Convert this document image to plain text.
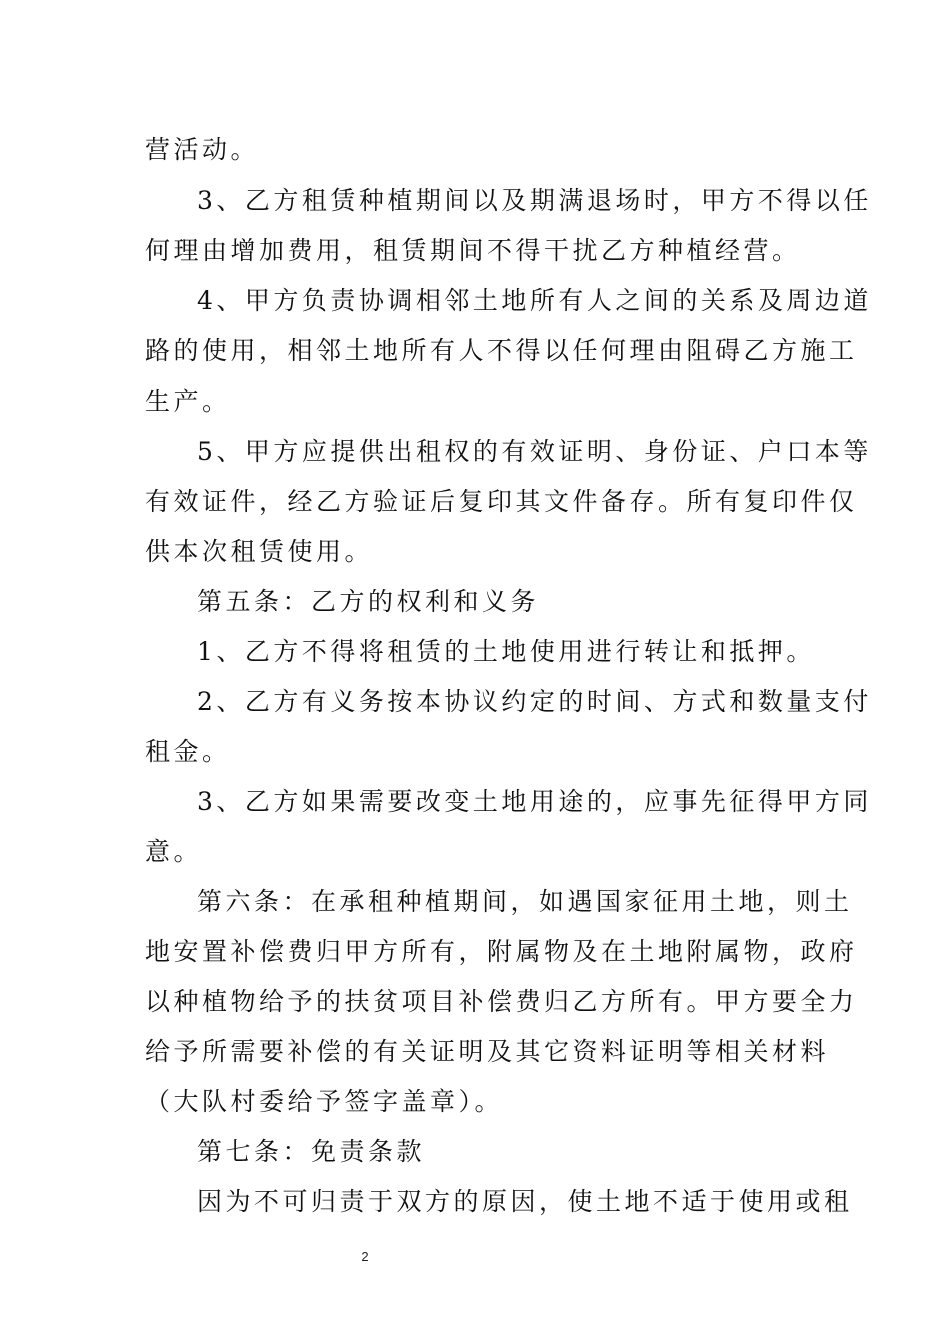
营活动。
3、乙方租赁种植期间以及期满退场时，甲方不得以任
何理由增加费用，租赁期间不得干扰乙方种植经营。
4、甲方负责协调相邻土地所有人之间的关系及周边道
路的使用，相邻土地所有人不得以任何理由阻碍乙方施工
生产。
5、甲方应提供出租权的有效证明、身份证、户口本等
有效证件，经乙方验证后复印其文件备存。所有复印件仅
供本次租赁使用。
第五条：乙方的权利和义务
1、乙方不得将租赁的土地使用进行转让和抵押。
2、乙方有义务按本协议约定的时间、方式和数量支付
租金。
3、乙方如果需要改变土地用途的，应事先征得甲方同
意。
第六条：在承租种植期间，如遇国家征用土地，则土
地安置补偿费归甲方所有，附属物及在土地附属物，政府
以种植物给予的扶贫项目补偿费归乙方所有。甲方要全力
给予所需要补偿的有关证明及其它资料证明等相关材料
（大队村委给予签字盖章）。
第七条：免责条款
因为不可归责于双方的原因，使土地不适于使用或租
2
